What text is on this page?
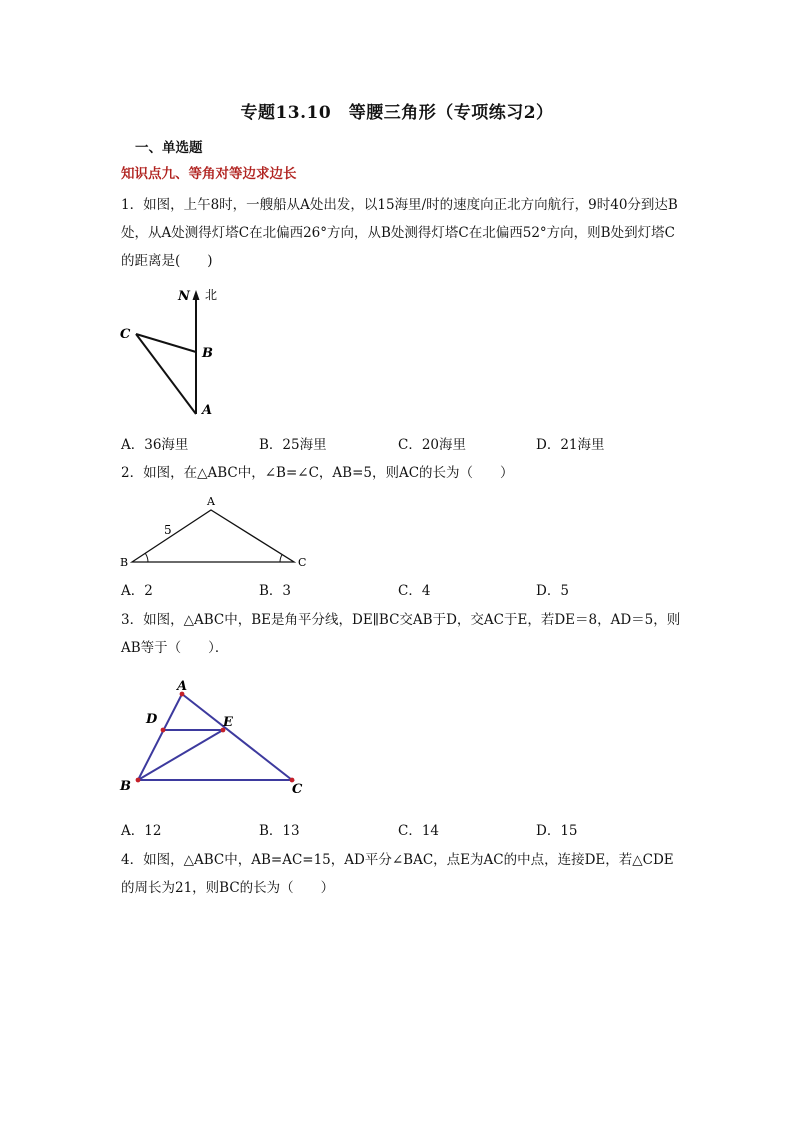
专题13.10　等腰三角形（专项练习2）
一、单选题
知识点九、等角对等边求边长
1．如图，上午8时，一艘船从A处出发，以15海里/时的速度向正北方向航行，9时40分到达B处，从A处测得灯塔C在北偏西26°方向，从B处测得灯塔C在北偏西52°方向，则B处到灯塔C的距离是(　　)
N 北
C
B
A
A．36海里	B．25海里	C．20海里	D．21海里
2．如图，在△ABC中，∠B=∠C，AB=5，则AC的长为（　　）
A
B	C
5
A．2	B．3	C．4	D．5
3．如图，△ABC中，BE是角平分线，DE∥BC交AB于D，交AC于E，若DE＝8，AD＝5，则AB等于（　　）．
A
D	E
B	C
A．12	B．13	C．14	D．15
4．如图，△ABC中，AB=AC=15，AD平分∠BAC，点E为AC的中点，连接DE，若△CDE的周长为21，则BC的长为（　　）
